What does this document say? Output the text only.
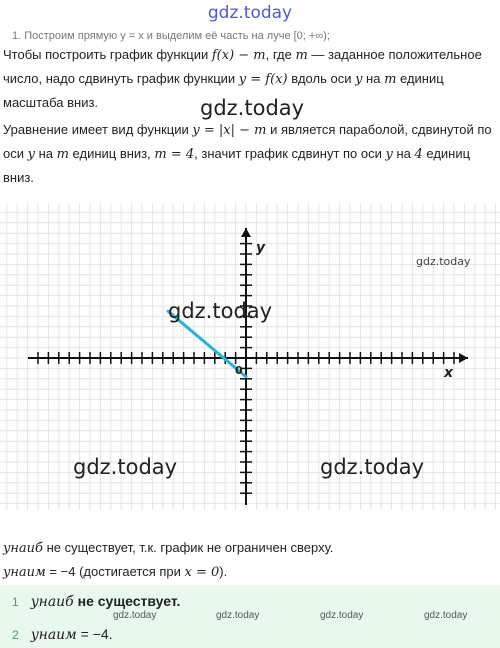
gdz.today
1. Построим прямую y = x и выделим её часть на луче [0; +∞);
Чтобы построить график функции f(x) − m, где m — заданное положительное число, надо сдвинуть график функции y = f(x) вдоль оси y на m единиц масштаба вниз.	gdz.today
Уравнение имеет вид функции y = |x| − m и является параболой, сдвинутой по оси y на m единиц вниз, m = 4, значит график сдвинут по оси y на 4 единиц вниз.
x
y
0
gdz.today
gdz.today
gdz.today	gdz.today
yнаиб не существует, т.к. график не ограничен сверху.
yнаим = −4 (достигается при x = 0).
1 yнаиб не существует.
gdz.today	gdz.today	gdz.today	gdz.today
2 yнаим = −4.
